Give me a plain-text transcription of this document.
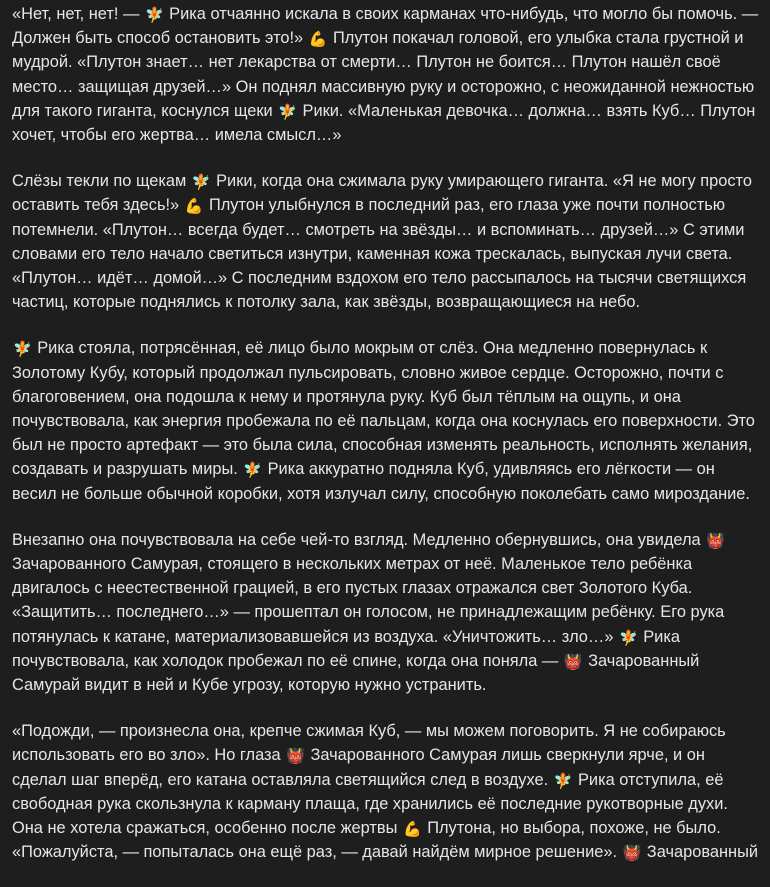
«Нет, нет, нет! — 🧚 Рика отчаянно искала в своих карманах что-нибудь, что могло бы помочь. — Должен быть способ остановить это!» 💪 Плутон покачал головой, его улыбка стала грустной и мудрой. «Плутон знает… нет лекарства от смерти… Плутон не боится… Плутон нашёл своё место… защищая друзей…» Он поднял массивную руку и осторожно, с неожиданной нежностью для такого гиганта, коснулся щеки 🧚 Рики. «Маленькая девочка… должна… взять Куб… Плутон хочет, чтобы его жертва… имела смысл…»

Слёзы текли по щекам 🧚 Рики, когда она сжимала руку умирающего гиганта. «Я не могу просто оставить тебя здесь!» 💪 Плутон улыбнулся в последний раз, его глаза уже почти полностью потемнели. «Плутон… всегда будет… смотреть на звёзды… и вспоминать… друзей…» С этими словами его тело начало светиться изнутри, каменная кожа трескалась, выпуская лучи света. «Плутон… идёт… домой…» С последним вздохом его тело рассыпалось на тысячи светящихся частиц, которые поднялись к потолку зала, как звёзды, возвращающиеся на небо.

🧚 Рика стояла, потрясённая, её лицо было мокрым от слёз. Она медленно повернулась к Золотому Кубу, который продолжал пульсировать, словно живое сердце. Осторожно, почти с благоговением, она подошла к нему и протянула руку. Куб был тёплым на ощупь, и она почувствовала, как энергия пробежала по её пальцам, когда она коснулась его поверхности. Это был не просто артефакт — это была сила, способная изменять реальность, исполнять желания, создавать и разрушать миры. 🧚 Рика аккуратно подняла Куб, удивляясь его лёгкости — он весил не больше обычной коробки, хотя излучал силу, способную поколебать само мироздание.

Внезапно она почувствовала на себе чей-то взгляд. Медленно обернувшись, она увидела 👹 Зачарованного Самурая, стоящего в нескольких метрах от неё. Маленькое тело ребёнка двигалось с неестественной грацией, в его пустых глазах отражался свет Золотого Куба. «Защитить… последнего…» — прошептал он голосом, не принадлежащим ребёнку. Его рука потянулась к катане, материализовавшейся из воздуха. «Уничтожить… зло…» 🧚 Рика почувствовала, как холодок пробежал по её спине, когда она поняла — 👹 Зачарованный Самурай видит в ней и Кубе угрозу, которую нужно устранить.

«Подожди, — произнесла она, крепче сжимая Куб, — мы можем поговорить. Я не собираюсь использовать его во зло». Но глаза 👹 Зачарованного Самурая лишь сверкнули ярче, и он сделал шаг вперёд, его катана оставляла светящийся след в воздухе. 🧚 Рика отступила, её свободная рука скользнула к карману плаща, где хранились её последние рукотворные духи. Она не хотела сражаться, особенно после жертвы 💪 Плутона, но выбора, похоже, не было. «Пожалуйста, — попыталась она ещё раз, — давай найдём мирное решение». 👹 Зачарованный
